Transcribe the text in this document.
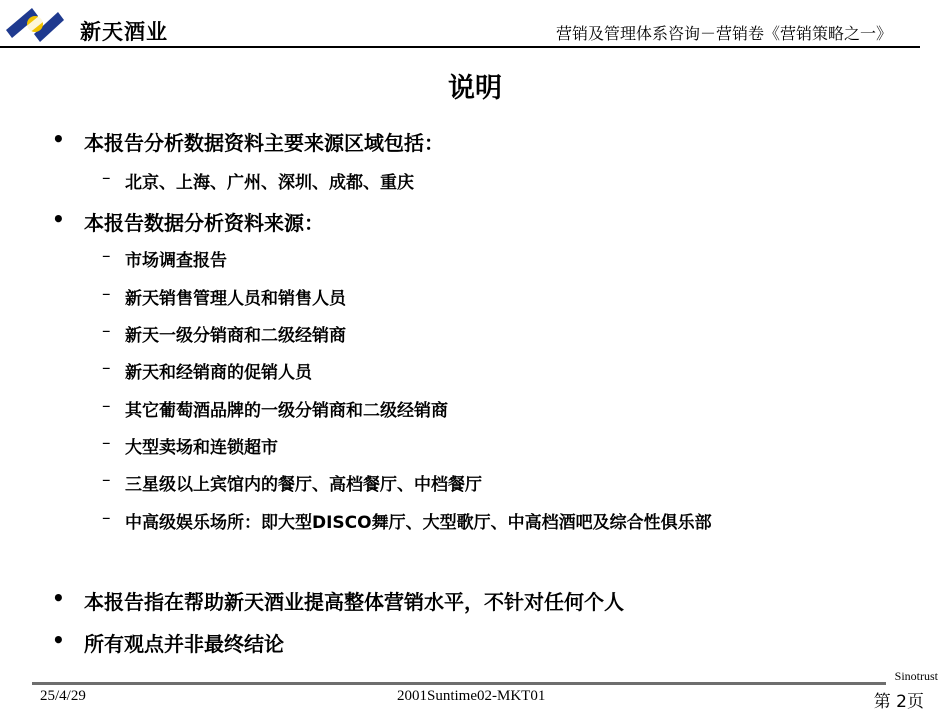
新天酒业	营销及管理体系咨询－营销卷《营销策略之一》
说明
• 本报告分析数据资料主要来源区域包括：
– 北京、上海、广州、深圳、成都、重庆
• 本报告数据分析资料来源：
– 市场调查报告
– 新天销售管理人员和销售人员
– 新天一级分销商和二级经销商
– 新天和经销商的促销人员
– 其它葡萄酒品牌的一级分销商和二级经销商
– 大型卖场和连锁超市
– 三星级以上宾馆内的餐厅、高档餐厅、中档餐厅
– 中高级娱乐场所：即大型DISCO舞厅、大型歌厅、中高档酒吧及综合性俱乐部
• 本报告指在帮助新天酒业提高整体营销水平，不针对任何个人
• 所有观点并非最终结论
Sinotrust
25/4/29	2001Suntime02-MKT01	第 2页
